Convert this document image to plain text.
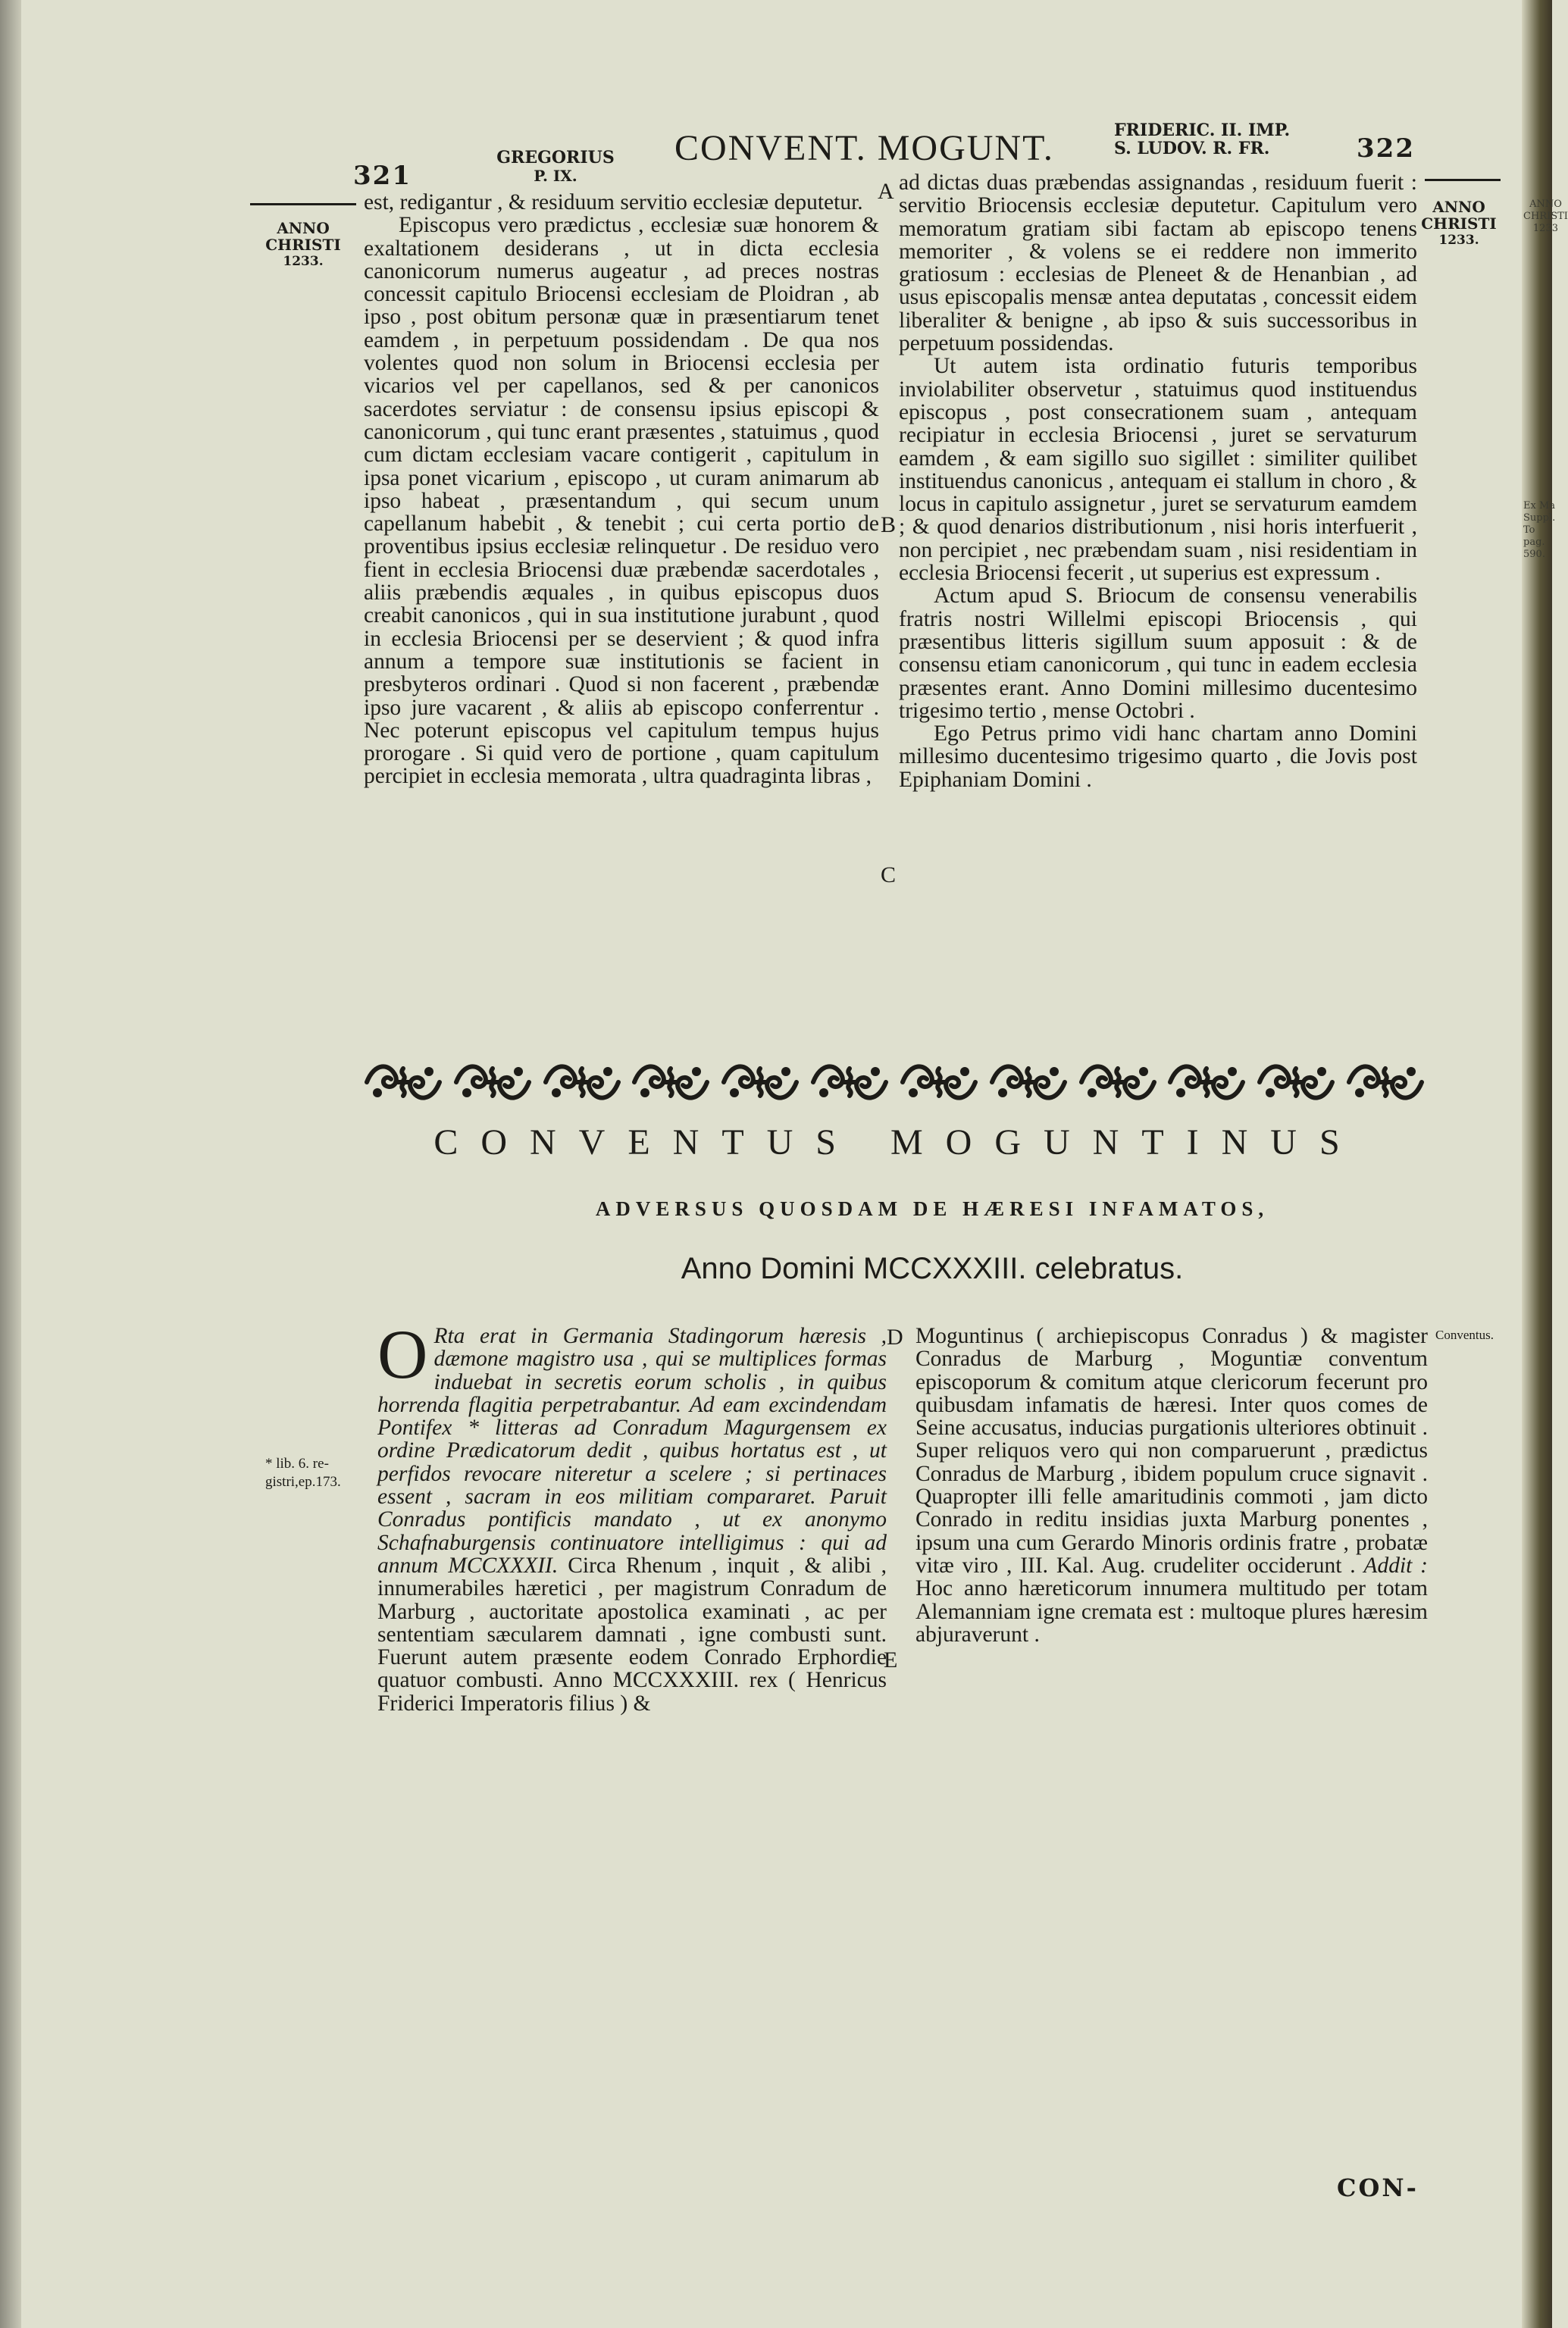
ANNO
CHRISTI
1233
Ex Ma
Suppl. To
pag. 590.
321
GREGORIUS
P. IX.
CONVENT. MOGUNT.	FRIDERIC. II. IMP.
S. LUDOV. R. FR.	322
ANNO
CHRISTI
1233.
ANNO
CHRISTI
1233.

est, redigantur , & residuum servitio ecclesiæ deputetur.

Episcopus vero prædictus , ecclesiæ suæ honorem & exaltationem desiderans , ut in dicta ecclesia canonicorum numerus augeatur , ad preces nostras concessit capitulo Briocensi ecclesiam de Ploidran , ab ipso , post obitum personæ quæ in præsentiarum tenet eamdem , in perpetuum possidendam . De qua nos volentes quod non solum in Briocensi ecclesia per vicarios vel per capellanos, sed & per canonicos sacerdotes serviatur : de consensu ipsius episcopi & canonicorum , qui tunc erant præsentes , statuimus , quod cum dictam ecclesiam vacare contigerit , capitulum in ipsa ponet vicarium , episcopo , ut curam animarum ab ipso habeat , præsentandum , qui secum unum capellanum habebit , & tenebit ; cui certa portio de proventibus ipsius ecclesiæ relinquetur . De residuo vero fient in ecclesia Briocensi duæ præbendæ sacerdotales , aliis præbendis æquales , in quibus episcopus duos creabit canonicos , qui in sua institutione jurabunt , quod in ecclesia Briocensi per se deservient ; & quod infra annum a tempore suæ institutionis se facient in presbyteros ordinari . Quod si non facerent , præbendæ ipso jure vacarent , & aliis ab episcopo conferrentur . Nec poterunt episcopus vel capitulum tempus hujus prorogare . Si quid vero de portione , quam capitulum percipiet in ecclesia memorata , ultra quadraginta libras ,

A
B
C

ad dictas duas præbendas assignandas , residuum fuerit : servitio Briocensis ecclesiæ deputetur. Capitulum vero memoratum gratiam sibi factam ab episcopo tenens memoriter , & volens se ei reddere non immerito gratiosum : ecclesias de Pleneet & de Henanbian , ad usus episcopalis mensæ antea deputatas , concessit eidem liberaliter & benigne , ab ipso & suis successoribus in perpetuum possidendas.

Ut autem ista ordinatio futuris temporibus inviolabiliter observetur , statuimus quod instituendus episcopus , post consecrationem suam , antequam recipiatur in ecclesia Briocensi , juret se servaturum eamdem , & eam sigillo suo sigillet : similiter quilibet instituendus canonicus , antequam ei stallum in choro , & locus in capitulo assignetur , juret se servaturum eamdem ; & quod denarios distributionum , nisi horis interfuerit , non percipiet , nec præbendam suam , nisi residentiam in ecclesia Briocensi fecerit , ut superius est expressum .

Actum apud S. Briocum de consensu venerabilis fratris nostri Willelmi episcopi Briocensis , qui præsentibus litteris sigillum suum apposuit : & de consensu etiam canonicorum , qui tunc in eadem ecclesia præsentes erant. Anno Domini millesimo ducentesimo trigesimo tertio , mense Octobri .

Ego Petrus primo vidi hanc chartam anno Domini millesimo ducentesimo trigesimo quarto , die Jovis post Epiphaniam Domini .

CONVENTUS MOGUNTINUS
ADVERSUS QUOSDAM DE HÆRESI INFAMATOS,
Anno Domini MCCXXXIII. celebratus.
* lib. 6. re-
gistri,ep.173.
O Rta erat in Germania Stadingorum hæresis , dæmone magistro usa , qui se multiplices formas induebat in secretis eorum scholis , in quibus horrenda flagitia perpetrabantur. Ad eam excindendam Pontifex * litteras ad Conradum Magurgensem ex ordine Prædicatorum dedit , quibus hortatus est , ut perfidos revocare niteretur a scelere ; si pertinaces essent , sacram in eos militiam compararet. Paruit Conradus pontificis mandato , ut ex anonymo Schafnaburgensis continuatore intelligimus : qui ad annum MCCXXXII. Circa Rhenum , inquit , & alibi , innumerabiles hæretici , per magistrum Conradum de Marburg , auctoritate apostolica examinati , ac per sententiam sæcularem damnati , igne combusti sunt. Fuerunt autem præsente eodem Conrado Erphordie quatuor combusti. Anno MCCXXXIII. rex ( Henricus Friderici Imperatoris filius ) &
D
E
Moguntinus ( archiepiscopus Conradus ) & magister Conradus de Marburg , Moguntiæ conventum episcoporum & comitum atque clericorum fecerunt pro quibusdam infamatis de hæresi. Inter quos comes de Seine accusatus, inducias purgationis ulteriores obtinuit . Super reliquos vero qui non comparuerunt , prædictus Conradus de Marburg , ibidem populum cruce signavit . Quapropter illi felle amaritudinis commoti , jam dicto Conrado in reditu insidias juxta Marburg ponentes , ipsum una cum Gerardo Minoris ordinis fratre , probatæ vitæ viro , III. Kal. Aug. crudeliter occiderunt . Addit : Hoc anno hæreticorum innumera multitudo per totam Alemanniam igne cremata est : multoque plures hæresim abjuraverunt .
Conventus.
CON-
